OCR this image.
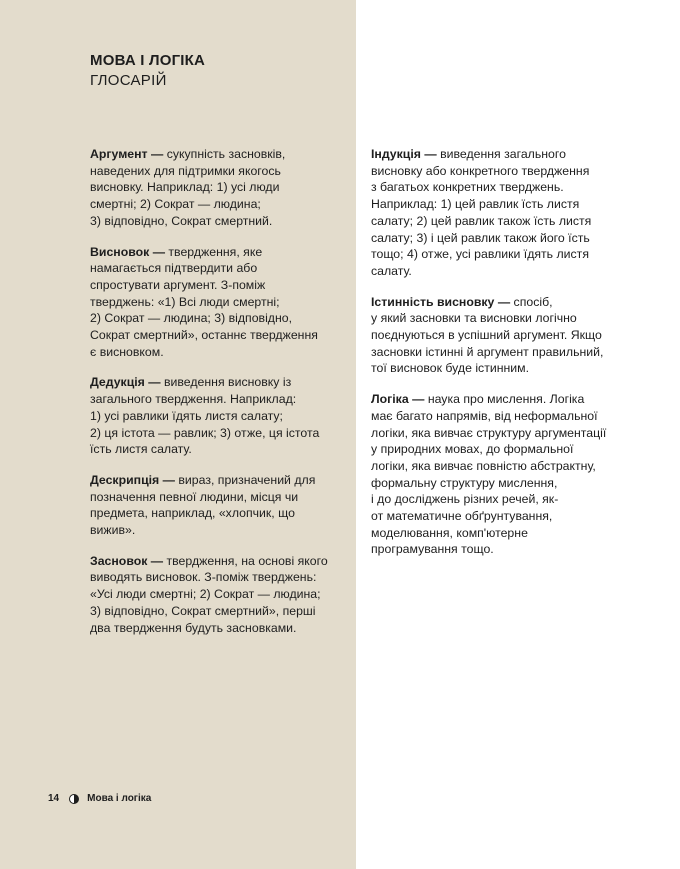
МОВА І ЛОГІКА
ГЛОСАРІЙ
Аргумент — сукупність засновків,
наведених для підтримки якогось
висновку. Наприклад: 1) усі люди
смертні; 2) Сократ — людина;
3) відповідно, Сократ смертний.
Висновок — твердження, яке
намагається підтвердити або
спростувати аргумент. З-поміж
тверджень: «1) Всі люди смертні;
2) Сократ — людина; 3) відповідно,
Сократ смертний», останнє твердження
є висновком.
Дедукція — виведення висновку із
загального твердження. Наприклад:
1) усі равлики їдять листя салату;
2) ця істота — равлик; 3) отже, ця істота
їсть листя салату.
Дескрипція — вираз, призначений для
позначення певної людини, місця чи
предмета, наприклад, «хлопчик, що
вижив».
Засновок — твердження, на основі якого
виводять висновок. З-поміж тверджень:
«Усі люди смертні; 2) Сократ — людина;
3) відповідно, Сократ смертний», перші
два твердження будуть засновками.
Індукція — виведення загального
висновку або конкретного твердження
з багатьох конкретних тверджень.
Наприклад: 1) цей равлик їсть листя
салату; 2) цей равлик також їсть листя
салату; 3) і цей равлик також його їсть
тощо; 4) отже, усі равлики їдять листя
салату.
Істинність висновку — спосіб,
у який засновки та висновки логічно
поєднуються в успішний аргумент. Якщо
засновки істинні й аргумент правильний,
тої висновок буде істинним.
Логіка — наука про мислення. Логіка
має багато напрямів, від неформальної
логіки, яка вивчає структуру аргументації
у природних мовах, до формальної
логіки, яка вивчає повністю абстрактну,
формальну структуру мислення,
і до досліджень різних речей, як-
от математичне обґрунтування,
моделювання, комп'ютерне
програмування тощо.
14	Мова і логіка
